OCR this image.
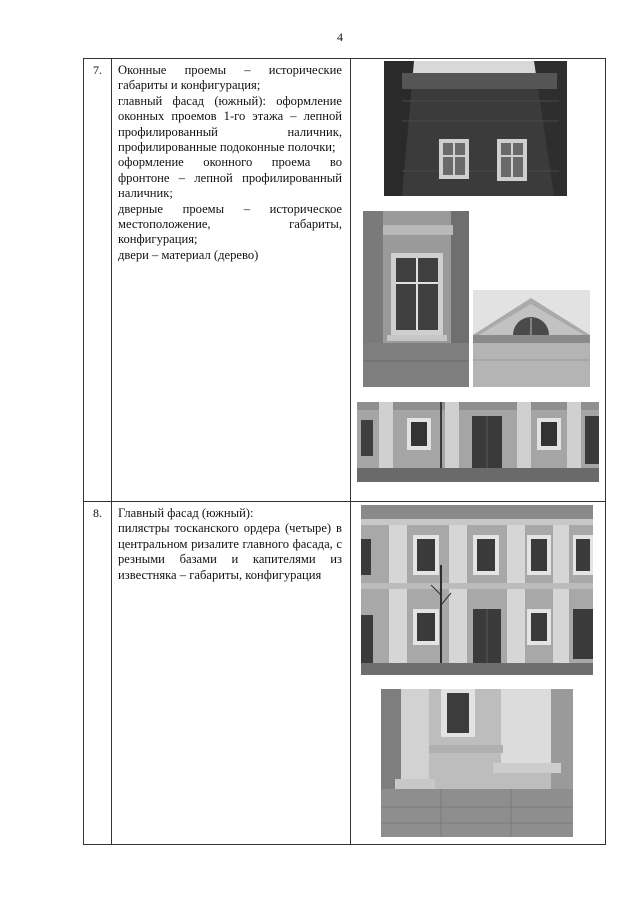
4
7.	Оконные проемы – исторические габариты и конфигурация;

главный фасад (южный): оформление оконных проемов 1-го этажа – лепной профилированный наличник, профилированные подоконные полочки;

оформление оконного проема во фронтоне – лепной профилированный наличник;

дверные проемы – историческое местоположение, габариты, конфигурация;

двери – материал (дерево)

8.	Главный фасад (южный):

пилястры тосканского ордера (четыре) в центральном ризалите главного фасада, с резными базами и капителями из известняка – габариты, конфигурация
